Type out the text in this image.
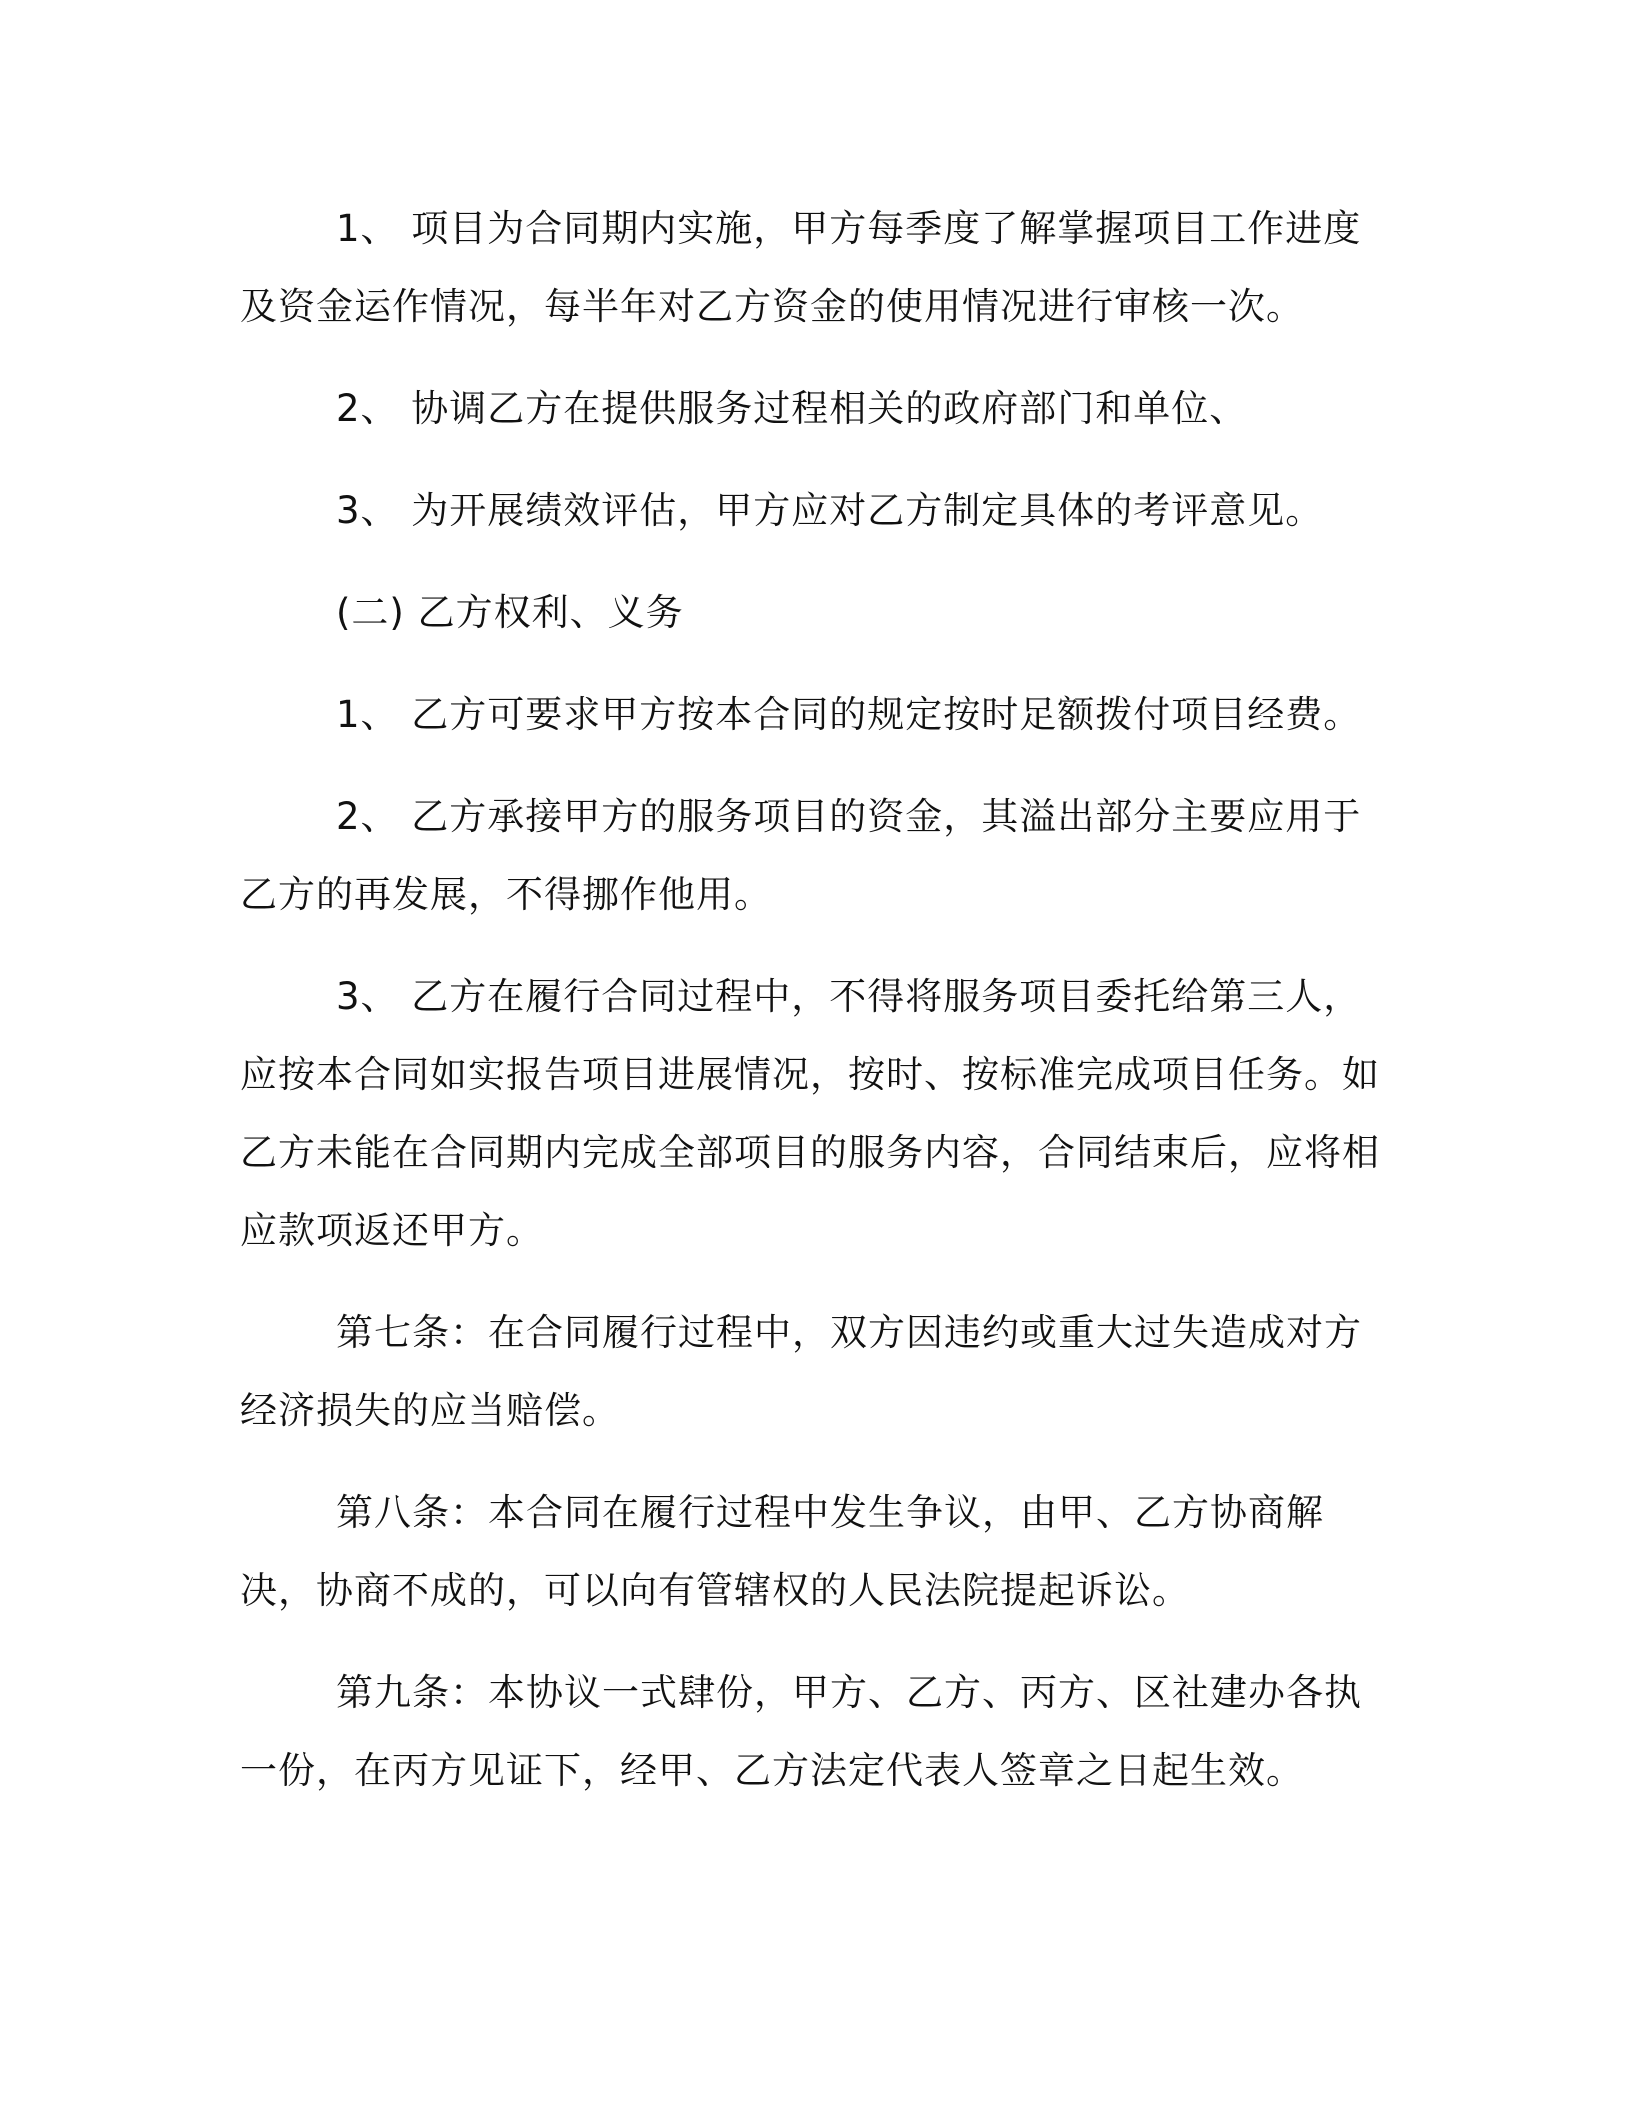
1、 项目为合同期内实施，甲方每季度了解掌握项目工作进度及资金运作情况，每半年对乙方资金的使用情况进行审核一次。

2、 协调乙方在提供服务过程相关的政府部门和单位、

3、 为开展绩效评估，甲方应对乙方制定具体的考评意见。

(二) 乙方权利、义务

1、 乙方可要求甲方按本合同的规定按时足额拨付项目经费。

2、 乙方承接甲方的服务项目的资金，其溢出部分主要应用于乙方的再发展，不得挪作他用。

3、 乙方在履行合同过程中，不得将服务项目委托给第三人，应按本合同如实报告项目进展情况，按时、按标准完成项目任务。如乙方未能在合同期内完成全部项目的服务内容，合同结束后，应将相应款项返还甲方。

第七条：在合同履行过程中，双方因违约或重大过失造成对方经济损失的应当赔偿。

第八条：本合同在履行过程中发生争议，由甲、乙方协商解决，协商不成的，可以向有管辖权的人民法院提起诉讼。

第九条：本协议一式肆份，甲方、乙方、丙方、区社建办各执一份，在丙方见证下，经甲、乙方法定代表人签章之日起生效。
